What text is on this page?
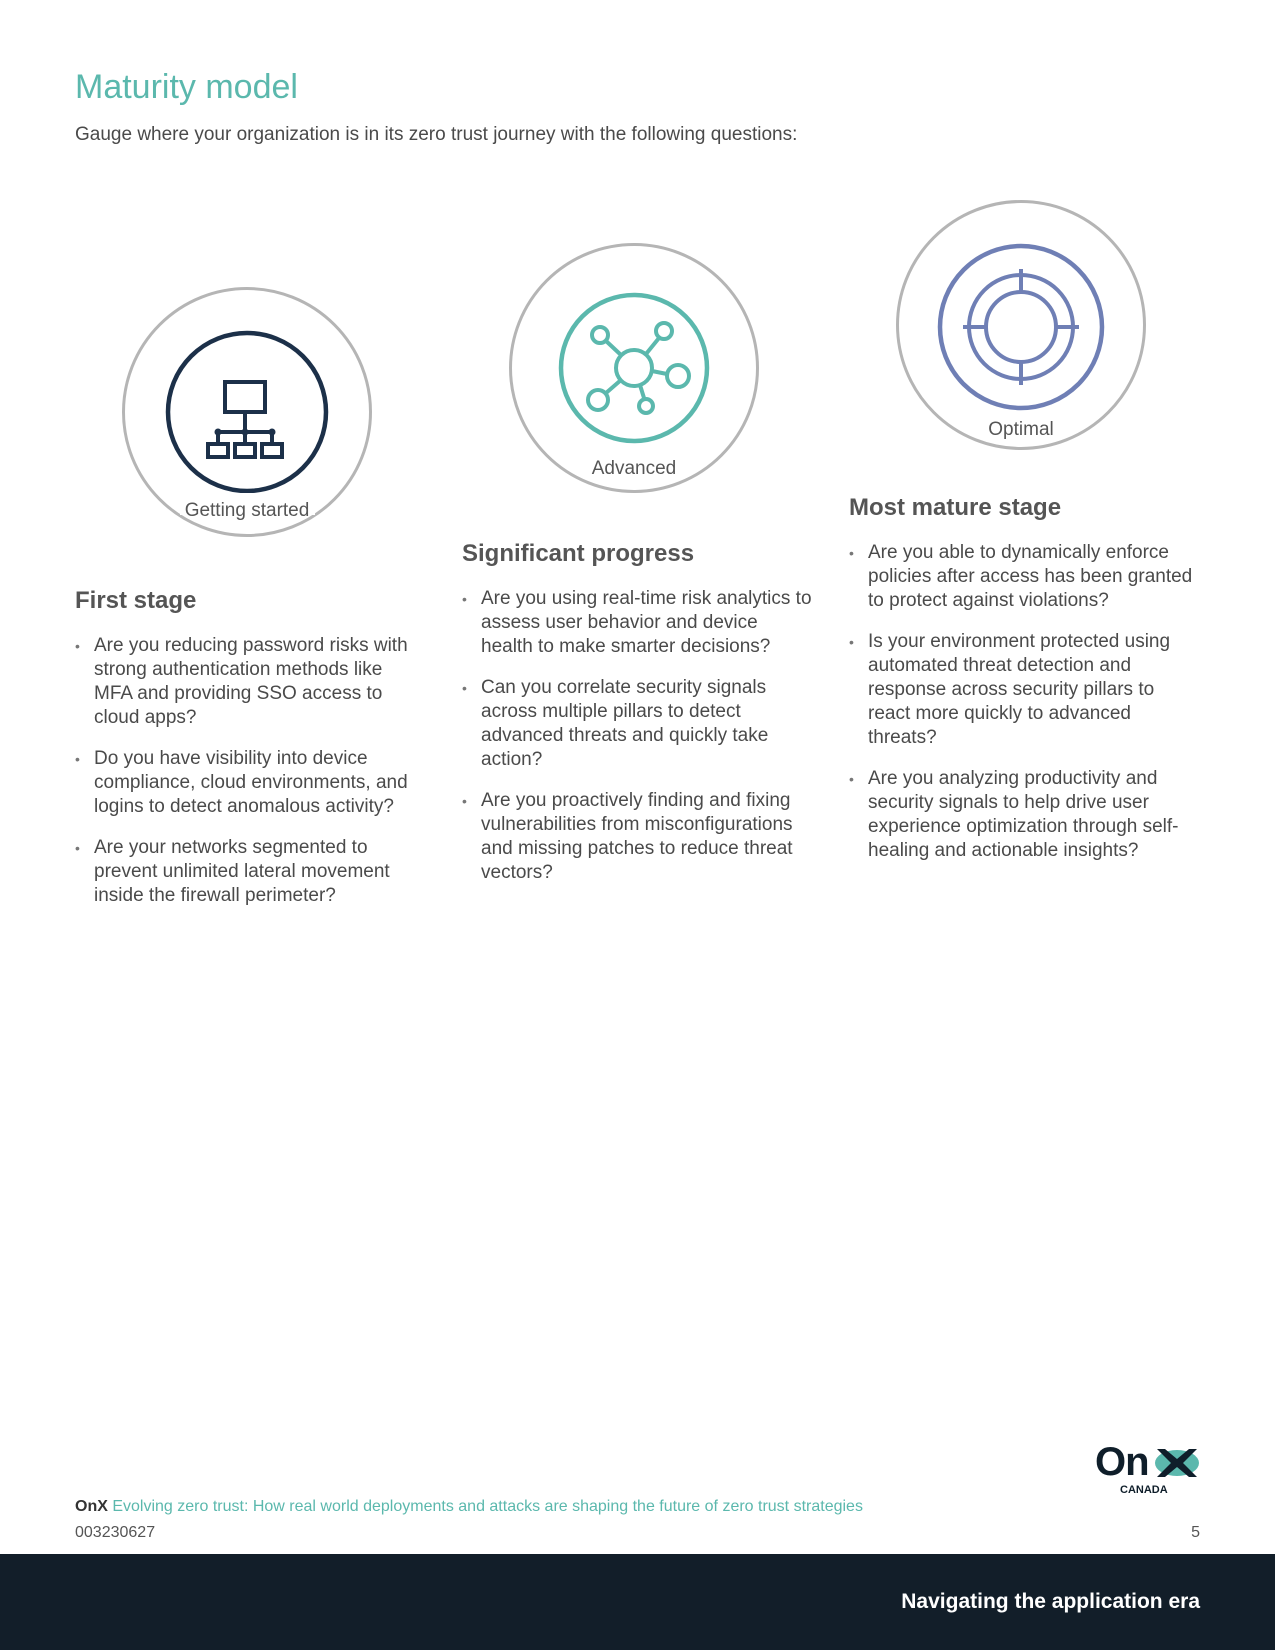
Maturity model

Gauge where your organization is in its zero trust journey with the following questions:

Getting started
First stage
• Are you reducing password risks with strong authentication methods like MFA and providing SSO access to cloud apps?
• Do you have visibility into device compliance, cloud environments, and logins to detect anomalous activity?
• Are your networks segmented to prevent unlimited lateral movement inside the firewall perimeter?
Advanced
Significant progress
• Are you using real-time risk analytics to assess user behavior and device health to make smarter decisions?
• Can you correlate security signals across multiple pillars to detect advanced threats and quickly take action?
• Are you proactively finding and fixing vulnerabilities from misconfigurations and missing patches to reduce threat vectors?
Optimal
Most mature stage
• Are you able to dynamically enforce policies after access has been granted to protect against violations?
• Is your environment protected using automated threat detection and response across security pillars to react more quickly to advanced threats?
• Are you analyzing productivity and security signals to help drive user experience optimization through self-healing and actionable insights?
On
CANADA
OnX Evolving zero trust: How real world deployments and attacks are shaping the future of zero trust strategies
003230627	5
Navigating the application era
